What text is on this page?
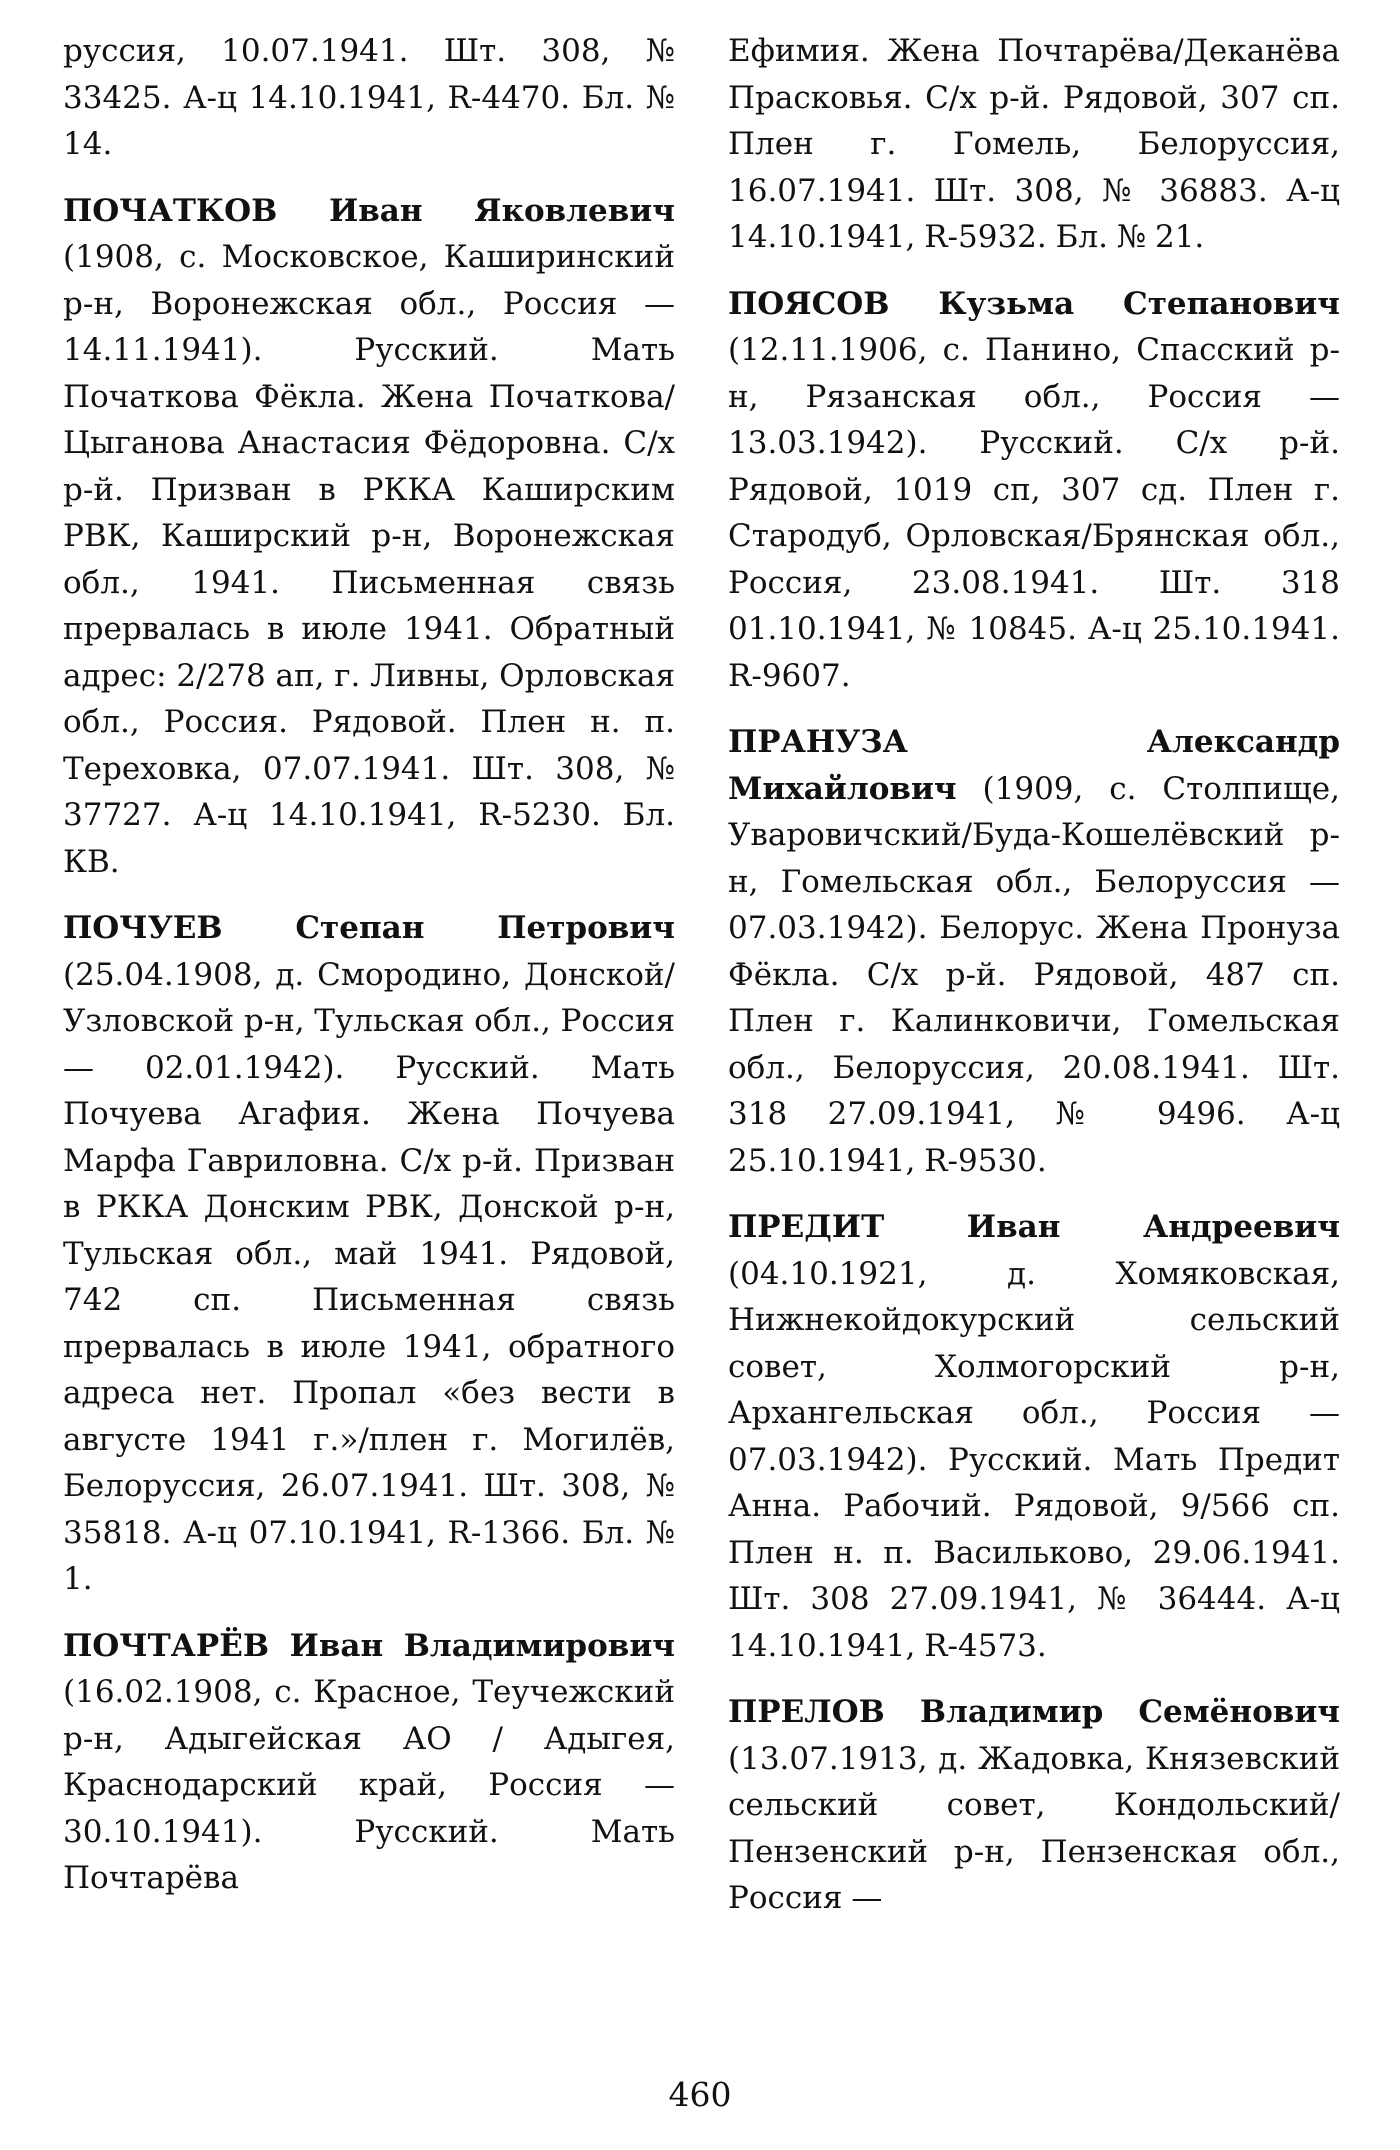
руссия, 10.07.1941. Шт. 308, № 33425. А-ц 14.10.1941, R-4470. Бл. № 14.

ПОЧАТКОВ Иван Яковлевич (1908, с. Московское, Каширинский р-н, Воронежская обл., Россия — 14.11.1941). Русский. Мать Початкова Фёкла. Жена Початкова/Цыганова Анастасия Фёдоровна. С/х р-й. Призван в РККА Каширским РВК, Каширский р-н, Воронежская обл., 1941. Письменная связь прервалась в июле 1941. Обратный адрес: 2/278 ап, г. Ливны, Орловская обл., Россия. Рядовой. Плен н. п. Тереховка, 07.07.1941. Шт. 308, № 37727. А-ц 14.10.1941, R-5230. Бл. КВ.

ПОЧУЕВ Степан Петрович (25.04.1908, д. Смородино, Донской/Узловской р-н, Тульская обл., Россия — 02.01.1942). Русский. Мать Почуева Агафия. Жена Почуева Марфа Гавриловна. С/х р-й. Призван в РККА Донским РВК, Донской р-н, Тульская обл., май 1941. Рядовой, 742 сп. Письменная связь прервалась в июле 1941, обратного адреса нет. Пропал «без вести в августе 1941 г.»/плен г. Могилёв, Белоруссия, 26.07.1941. Шт. 308, № 35818. А-ц 07.10.1941, R-1366. Бл. № 1.

ПОЧТАРЁВ Иван Владимирович (16.02.1908, с. Красное, Теучежский р-н, Адыгейская АО / Адыгея, Краснодарский край, Россия — 30.10.1941). Русский. Мать Почтарёва

Ефимия. Жена Почтарёва/Деканёва Прасковья. С/х р-й. Рядовой, 307 сп. Плен г. Гомель, Белоруссия, 16.07.1941. Шт. 308, № 36883. А-ц 14.10.1941, R-5932. Бл. № 21.

ПОЯСОВ Кузьма Степанович (12.11.1906, с. Панино, Спасский р-н, Рязанская обл., Россия — 13.03.1942). Русский. С/х р-й. Рядовой, 1019 сп, 307 сд. Плен г. Стародуб, Орловская/Брянская обл., Россия, 23.08.1941. Шт. 318 01.10.1941, № 10845. А-ц 25.10.1941. R-9607.

ПРАНУЗА Александр Михайлович (1909, с. Столпище, Уваровичский/Буда-Кошелёвский р-н, Гомельская обл., Белоруссия — 07.03.1942). Белорус. Жена Пронуза Фёкла. С/х р-й. Рядовой, 487 сп. Плен г. Калинковичи, Гомельская обл., Белоруссия, 20.08.1941. Шт. 318 27.09.1941, № 9496. А-ц 25.10.1941, R-9530.

ПРЕДИТ Иван Андреевич (04.10.1921, д. Хомяковская, Нижнекойдокурский сельский совет, Холмогорский р-н, Архангельская обл., Россия — 07.03.1942). Русский. Мать Предит Анна. Рабочий. Рядовой, 9/566 сп. Плен н. п. Васильково, 29.06.1941. Шт. 308 27.09.1941, № 36444. А-ц 14.10.1941, R-4573.

ПРЕЛОВ Владимир Семёнович (13.07.1913, д. Жадовка, Князевский сельский совет, Кондольский/Пензенский р-н, Пензенская обл., Россия —

460
